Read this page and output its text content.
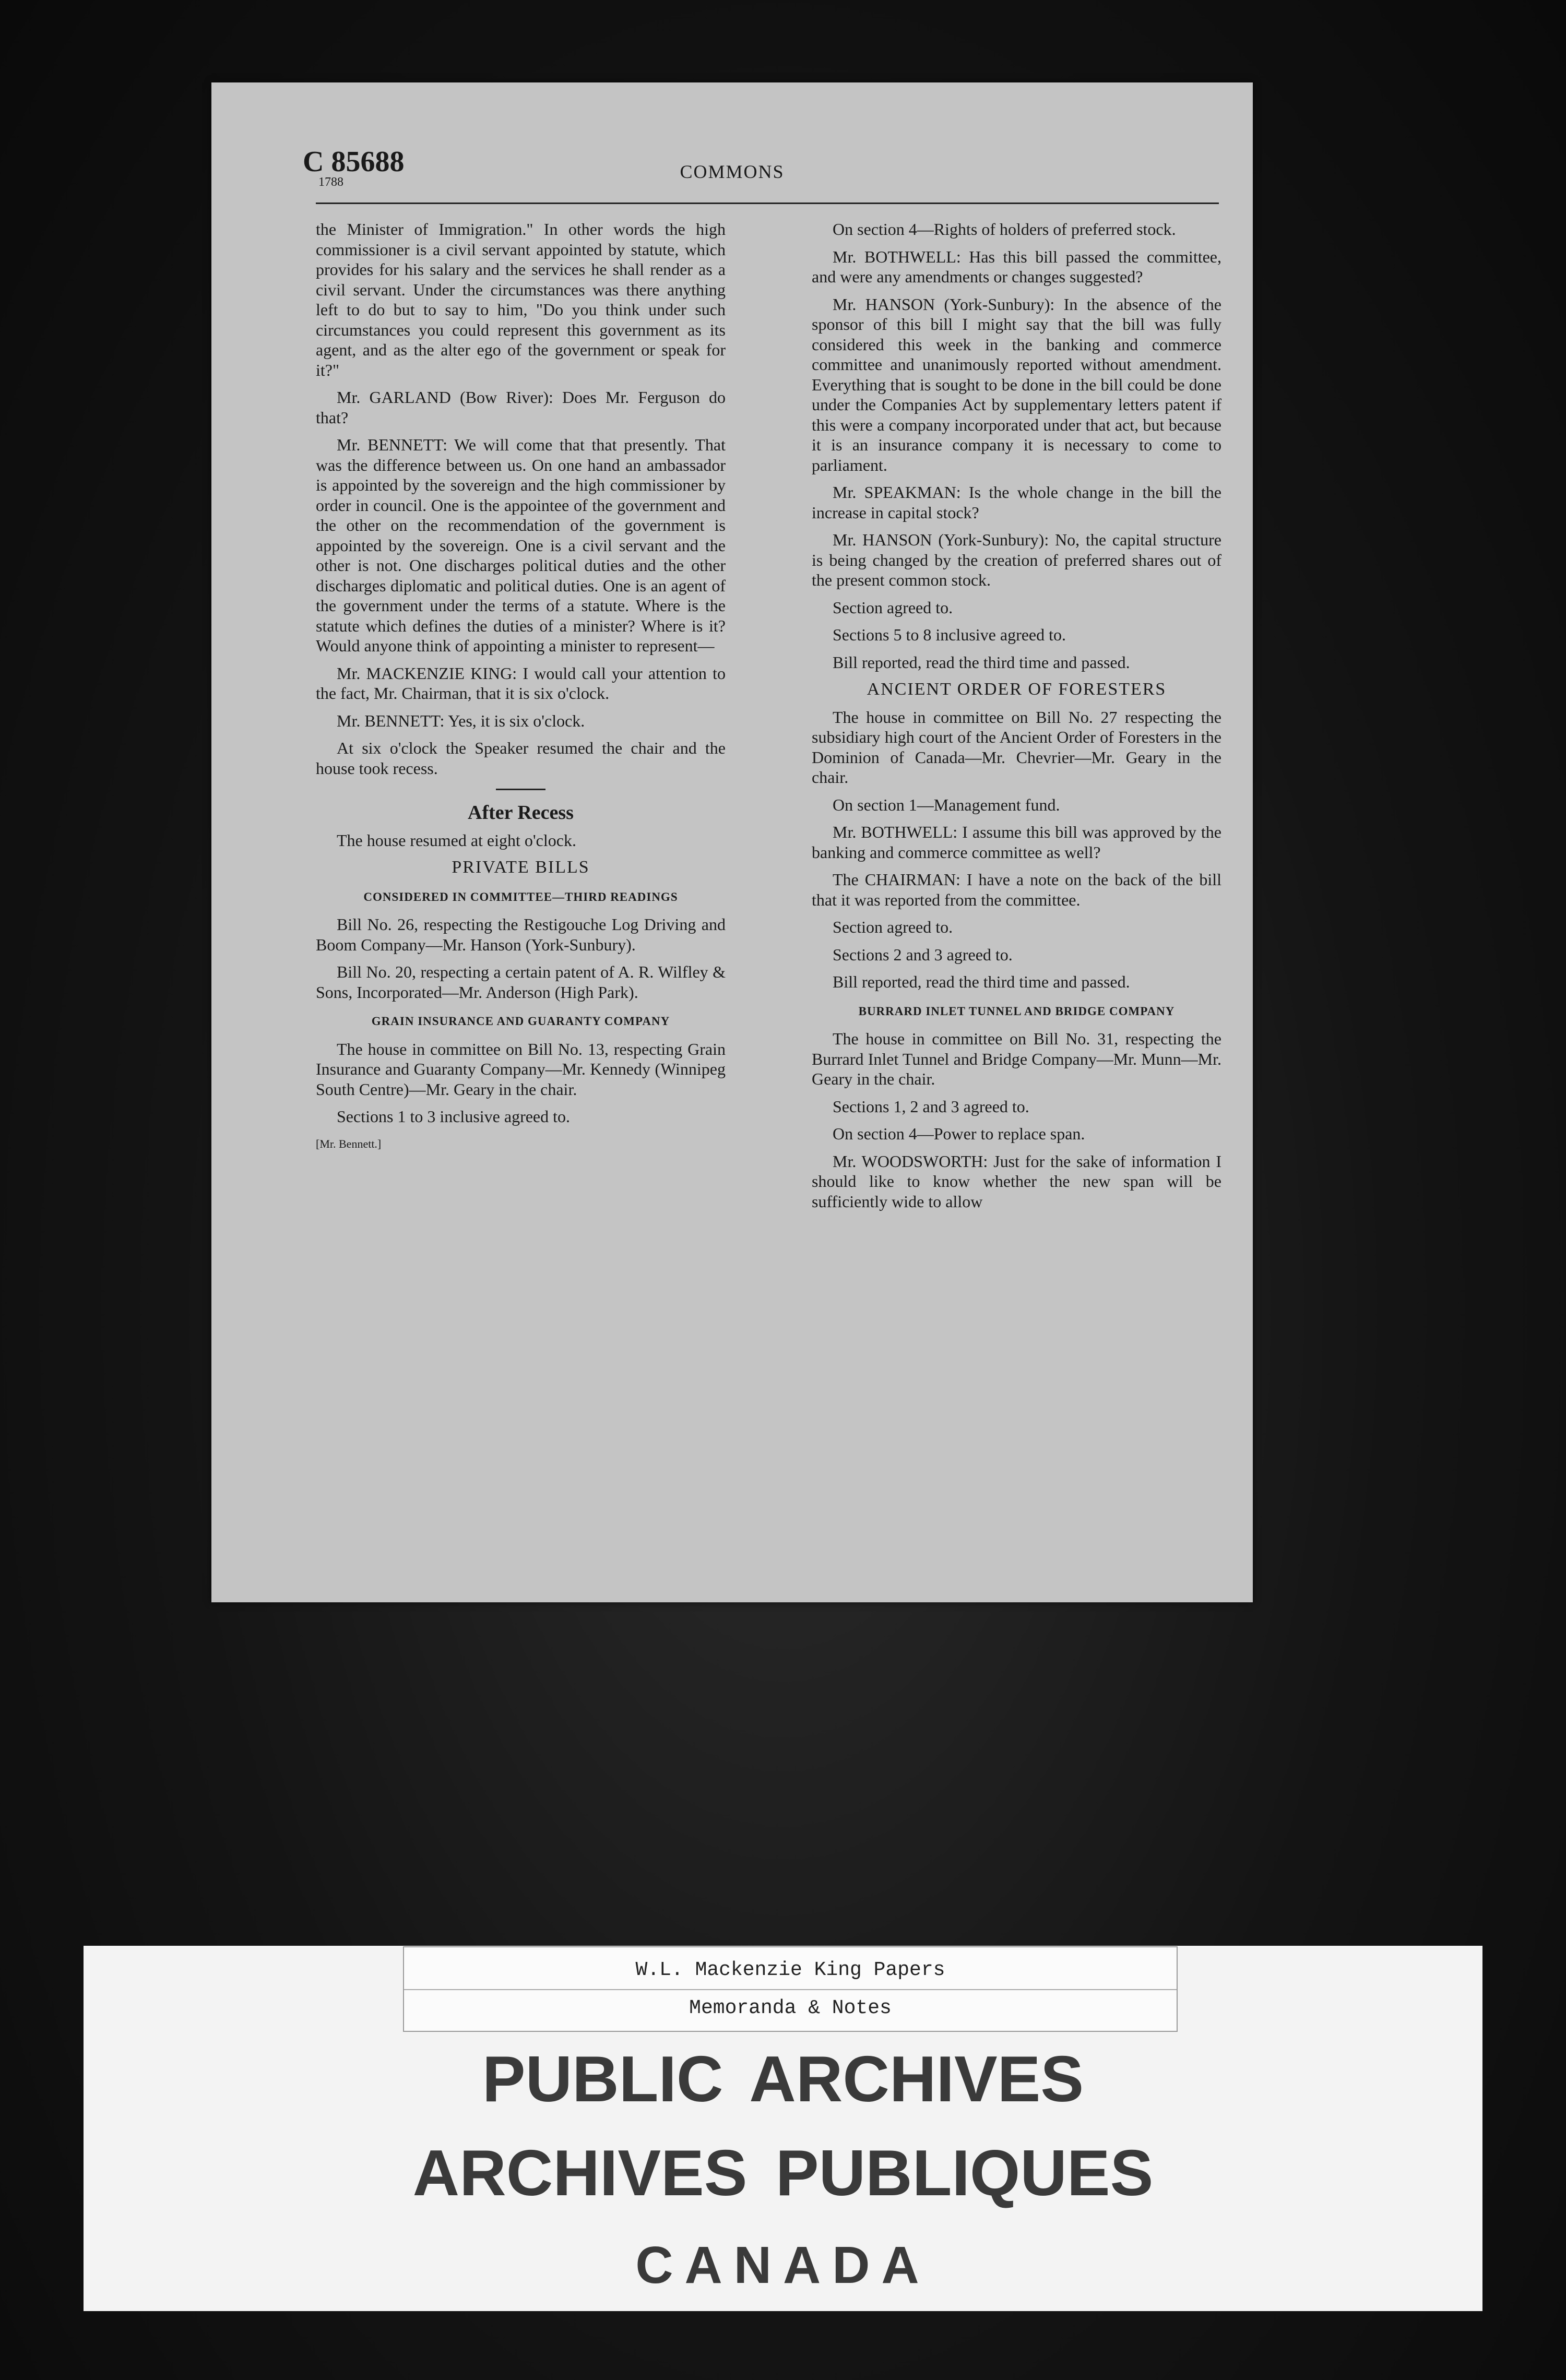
C 85688
1788	COMMONS

the Minister of Immigration." In other words the high commissioner is a civil servant appointed by statute, which provides for his salary and the services he shall render as a civil servant. Under the circumstances was there anything left to do but to say to him, "Do you think under such circumstances you could represent this government as its agent, and as the alter ego of the government or speak for it?"

Mr. GARLAND (Bow River): Does Mr. Ferguson do that?

Mr. BENNETT: We will come that that presently. That was the difference between us. On one hand an ambassador is appointed by the sovereign and the high commissioner by order in council. One is the appointee of the government and the other on the recommendation of the government is appointed by the sovereign. One is a civil servant and the other is not. One discharges political duties and the other discharges diplomatic and political duties. One is an agent of the government under the terms of a statute. Where is the statute which defines the duties of a minister? Where is it? Would anyone think of appointing a minister to represent—

Mr. MACKENZIE KING: I would call your attention to the fact, Mr. Chairman, that it is six o'clock.

Mr. BENNETT: Yes, it is six o'clock.

At six o'clock the Speaker resumed the chair and the house took recess.

After Recess

The house resumed at eight o'clock.

PRIVATE BILLS
CONSIDERED IN COMMITTEE—THIRD READINGS

Bill No. 26, respecting the Restigouche Log Driving and Boom Company—Mr. Hanson (York-Sunbury).

Bill No. 20, respecting a certain patent of A. R. Wilfley & Sons, Incorporated—Mr. Anderson (High Park).

GRAIN INSURANCE AND GUARANTY COMPANY

The house in committee on Bill No. 13, respecting Grain Insurance and Guaranty Company—Mr. Kennedy (Winnipeg South Centre)—Mr. Geary in the chair.

Sections 1 to 3 inclusive agreed to.

[Mr. Bennett.]

On section 4—Rights of holders of preferred stock.

Mr. BOTHWELL: Has this bill passed the committee, and were any amendments or changes suggested?

Mr. HANSON (York-Sunbury): In the absence of the sponsor of this bill I might say that the bill was fully considered this week in the banking and commerce committee and unanimously reported without amendment. Everything that is sought to be done in the bill could be done under the Companies Act by supplementary letters patent if this were a company incorporated under that act, but because it is an insurance company it is necessary to come to parliament.

Mr. SPEAKMAN: Is the whole change in the bill the increase in capital stock?

Mr. HANSON (York-Sunbury): No, the capital structure is being changed by the creation of preferred shares out of the present common stock.

Section agreed to.

Sections 5 to 8 inclusive agreed to.

Bill reported, read the third time and passed.

ANCIENT ORDER OF FORESTERS

The house in committee on Bill No. 27 respecting the subsidiary high court of the Ancient Order of Foresters in the Dominion of Canada—Mr. Chevrier—Mr. Geary in the chair.

On section 1—Management fund.

Mr. BOTHWELL: I assume this bill was approved by the banking and commerce committee as well?

The CHAIRMAN: I have a note on the back of the bill that it was reported from the committee.

Section agreed to.

Sections 2 and 3 agreed to.

Bill reported, read the third time and passed.

BURRARD INLET TUNNEL AND BRIDGE COMPANY

The house in committee on Bill No. 31, respecting the Burrard Inlet Tunnel and Bridge Company—Mr. Munn—Mr. Geary in the chair.

Sections 1, 2 and 3 agreed to.

On section 4—Power to replace span.

Mr. WOODSWORTH: Just for the sake of information I should like to know whether the new span will be sufficiently wide to allow

W.L. Mackenzie King Papers
Memoranda & Notes
PUBLIC ARCHIVES
ARCHIVES PUBLIQUES
CANADA
